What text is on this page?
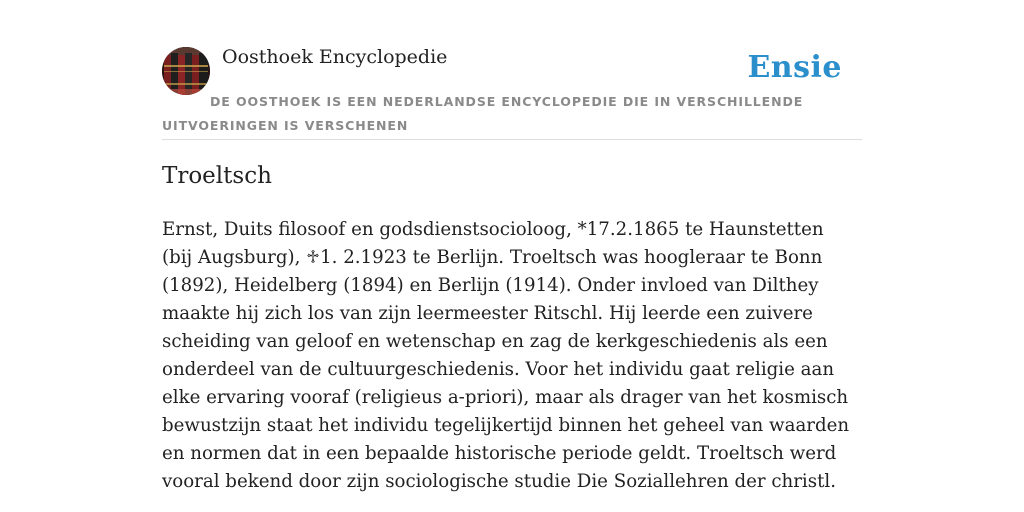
Oosthoek Encyclopedie	Ensie
DE OOSTHOEK IS EEN NEDERLANDSE ENCYCLOPEDIE DIE IN VERSCHILLENDE UITVOERINGEN IS VERSCHENEN
Troeltsch

Ernst, Duits filosoof en godsdienstsocioloog, *17.2.1865 te Haunstetten (bij Augsburg), ♱1. 2.1923 te Berlijn. Troeltsch was hoogleraar te Bonn (1892), Heidelberg (1894) en Berlijn (1914). Onder invloed van Dilthey maakte hij zich los van zijn leermeester Ritschl. Hij leerde een zuivere scheiding van geloof en wetenschap en zag de kerkgeschiedenis als een onderdeel van de cultuurgeschiedenis. Voor het individu gaat religie aan elke ervaring vooraf (religieus a-priori), maar als drager van het kosmisch bewustzijn staat het individu tegelijkertijd binnen het geheel van waarden en normen dat in een bepaalde historische periode geldt. Troeltsch werd vooral bekend door zijn sociologische studie Die Soziallehren der christl.
